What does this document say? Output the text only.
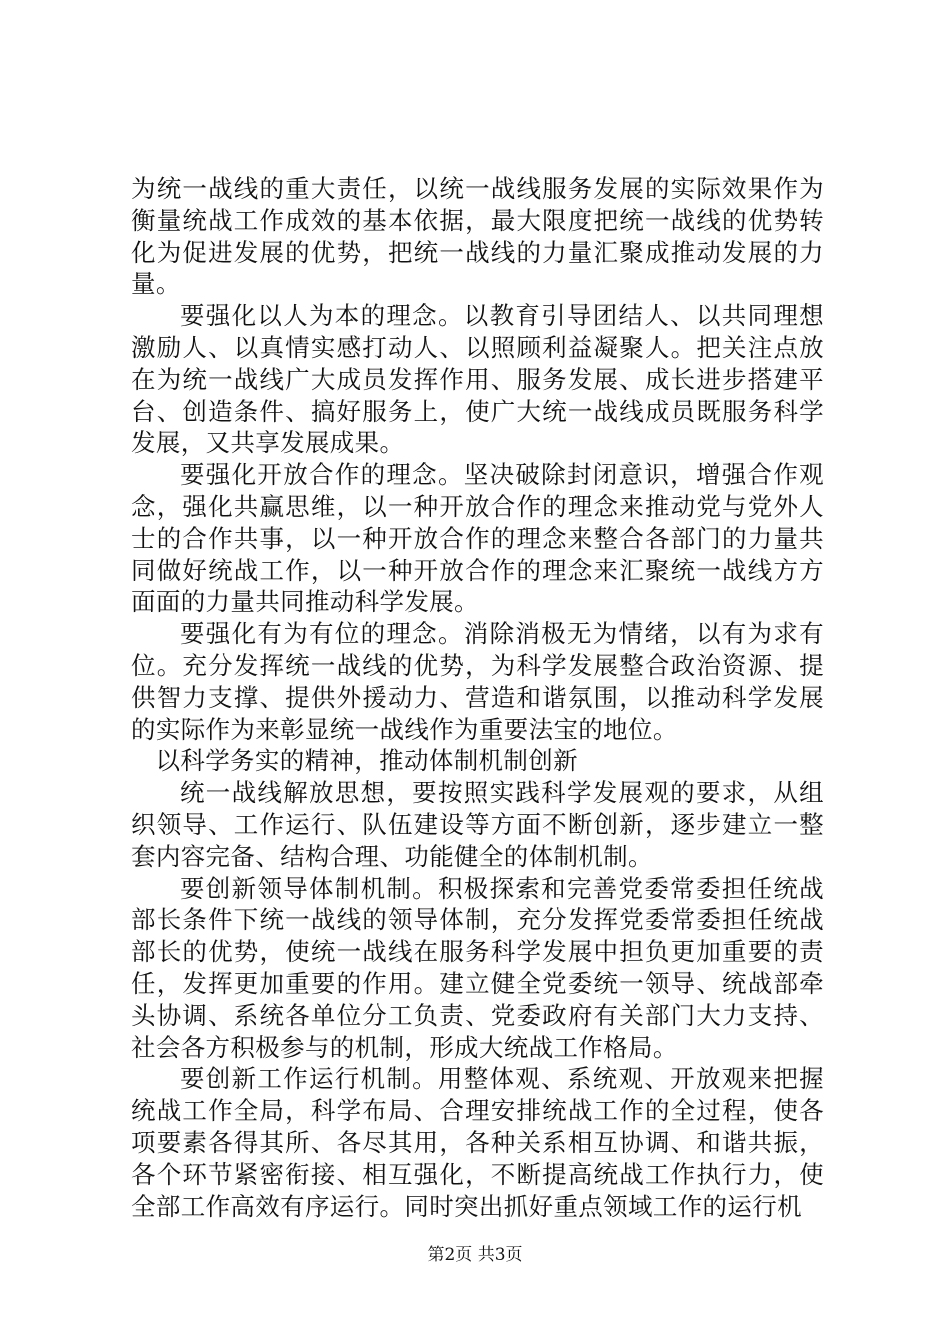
为统一战线的重大责任，以统一战线服务发展的实际效果作为衡量统战工作成效的基本依据，最大限度把统一战线的优势转化为促进发展的优势，把统一战线的力量汇聚成推动发展的力量。

要强化以人为本的理念。以教育引导团结人、以共同理想激励人、以真情实感打动人、以照顾利益凝聚人。把关注点放在为统一战线广大成员发挥作用、服务发展、成长进步搭建平台、创造条件、搞好服务上，使广大统一战线成员既服务科学发展，又共享发展成果。

要强化开放合作的理念。坚决破除封闭意识，增强合作观念，强化共赢思维，以一种开放合作的理念来推动党与党外人士的合作共事，以一种开放合作的理念来整合各部门的力量共同做好统战工作，以一种开放合作的理念来汇聚统一战线方方面面的力量共同推动科学发展。

要强化有为有位的理念。消除消极无为情绪，以有为求有位。充分发挥统一战线的优势，为科学发展整合政治资源、提供智力支撑、提供外援动力、营造和谐氛围，以推动科学发展的实际作为来彰显统一战线作为重要法宝的地位。

以科学务实的精神，推动体制机制创新

统一战线解放思想，要按照实践科学发展观的要求，从组织领导、工作运行、队伍建设等方面不断创新，逐步建立一整套内容完备、结构合理、功能健全的体制机制。

要创新领导体制机制。积极探索和完善党委常委担任统战部长条件下统一战线的领导体制，充分发挥党委常委担任统战部长的优势，使统一战线在服务科学发展中担负更加重要的责任，发挥更加重要的作用。建立健全党委统一领导、统战部牵头协调、系统各单位分工负责、党委政府有关部门大力支持、社会各方积极参与的机制，形成大统战工作格局。

要创新工作运行机制。用整体观、系统观、开放观来把握统战工作全局，科学布局、合理安排统战工作的全过程，使各项要素各得其所、各尽其用，各种关系相互协调、和谐共振，各个环节紧密衔接、相互强化，不断提高统战工作执行力，使全部工作高效有序运行。同时突出抓好重点领域工作的运行机

第2页 共3页
